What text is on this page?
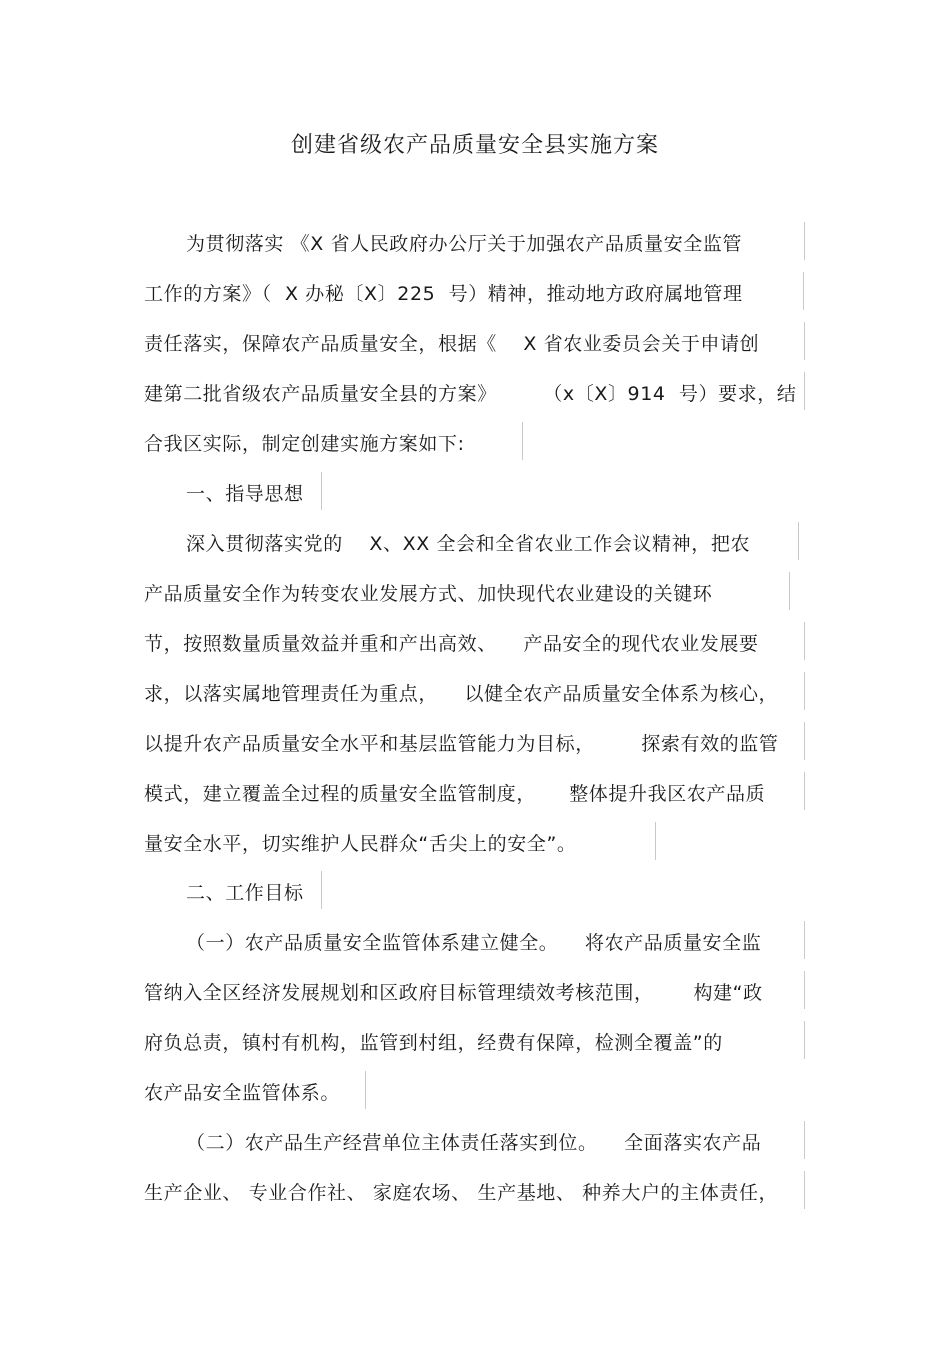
创建省级农产品质量安全县实施方案
为贯彻落实 《X 省人民政府办公厅关于加强农产品质量安全监管
工作的方案》（  X 办秘〔X〕225  号）精神，推动地方政府属地管理
责任落实，保障农产品质量安全，根据《    X 省农业委员会关于申请创
建第二批省级农产品质量安全县的方案》       （x〔X〕914  号）要求，结
合我区实际，制定创建实施方案如下:
一、指导思想
深入贯彻落实党的    X、XX 全会和全省农业工作会议精神，把农
产品质量安全作为转变农业发展方式、加快现代农业建设的关键环
节，按照数量质量效益并重和产出高效、    产品安全的现代农业发展要
求，以落实属地管理责任为重点，    以健全农产品质量安全体系为核心，
以提升农产品质量安全水平和基层监管能力为目标，       探索有效的监管
模式，建立覆盖全过程的质量安全监管制度，     整体提升我区农产品质
量安全水平，切实维护人民群众“舌尖上的安全”。
二、工作目标
（一）农产品质量安全监管体系建立健全。    将农产品质量安全监
管纳入全区经济发展规划和区政府目标管理绩效考核范围，      构建“政
府负总责，镇村有机构，监管到村组，经费有保障，检测全覆盖”的
农产品安全监管体系。
（二）农产品生产经营单位主体责任落实到位。    全面落实农产品
生产企业、 专业合作社、 家庭农场、 生产基地、 种养大户的主体责任，
